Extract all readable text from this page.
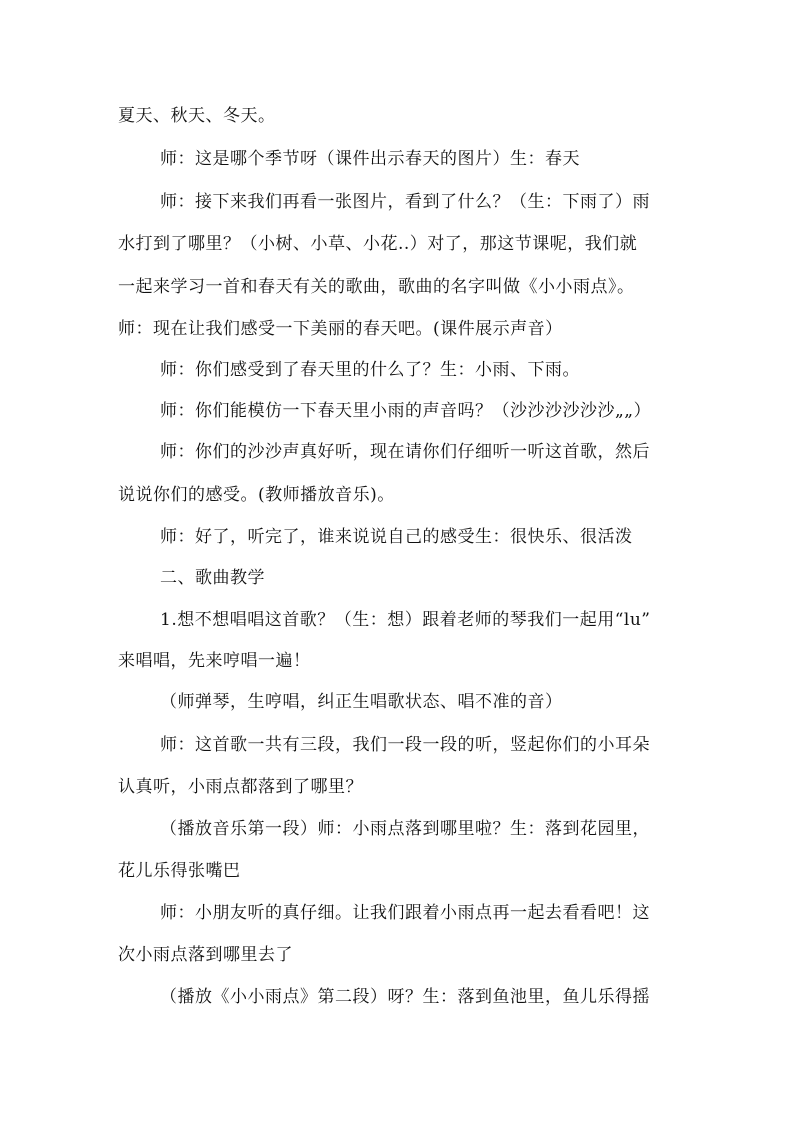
夏天、秋天、冬天。

师：这是哪个季节呀（课件出示春天的图片）生：春天

师：接下来我们再看一张图片，看到了什么？（生：下雨了）雨

水打到了哪里？（小树、小草、小花..）对了，那这节课呢，我们就

一起来学习一首和春天有关的歌曲，歌曲的名字叫做《小小雨点》。

师：现在让我们感受一下美丽的春天吧。(课件展示声音）

师：你们感受到了春天里的什么了？生：小雨、下雨。

师：你们能模仿一下春天里小雨的声音吗？（沙沙沙沙沙沙„„）

师：你们的沙沙声真好听，现在请你们仔细听一听这首歌，然后

说说你们的感受。(教师播放音乐)。

师：好了，听完了，谁来说说自己的感受生：很快乐、很活泼

二、歌曲教学

1.想不想唱唱这首歌？（生：想）跟着老师的琴我们一起用“lu”

来唱唱，先来哼唱一遍！

（师弹琴，生哼唱，纠正生唱歌状态、唱不准的音）

师：这首歌一共有三段，我们一段一段的听，竖起你们的小耳朵

认真听，小雨点都落到了哪里？

（播放音乐第一段）师：小雨点落到哪里啦？生：落到花园里，

花儿乐得张嘴巴

师：小朋友听的真仔细。让我们跟着小雨点再一起去看看吧！这

次小雨点落到哪里去了

（播放《小小雨点》第二段）呀？生：落到鱼池里，鱼儿乐得摇
